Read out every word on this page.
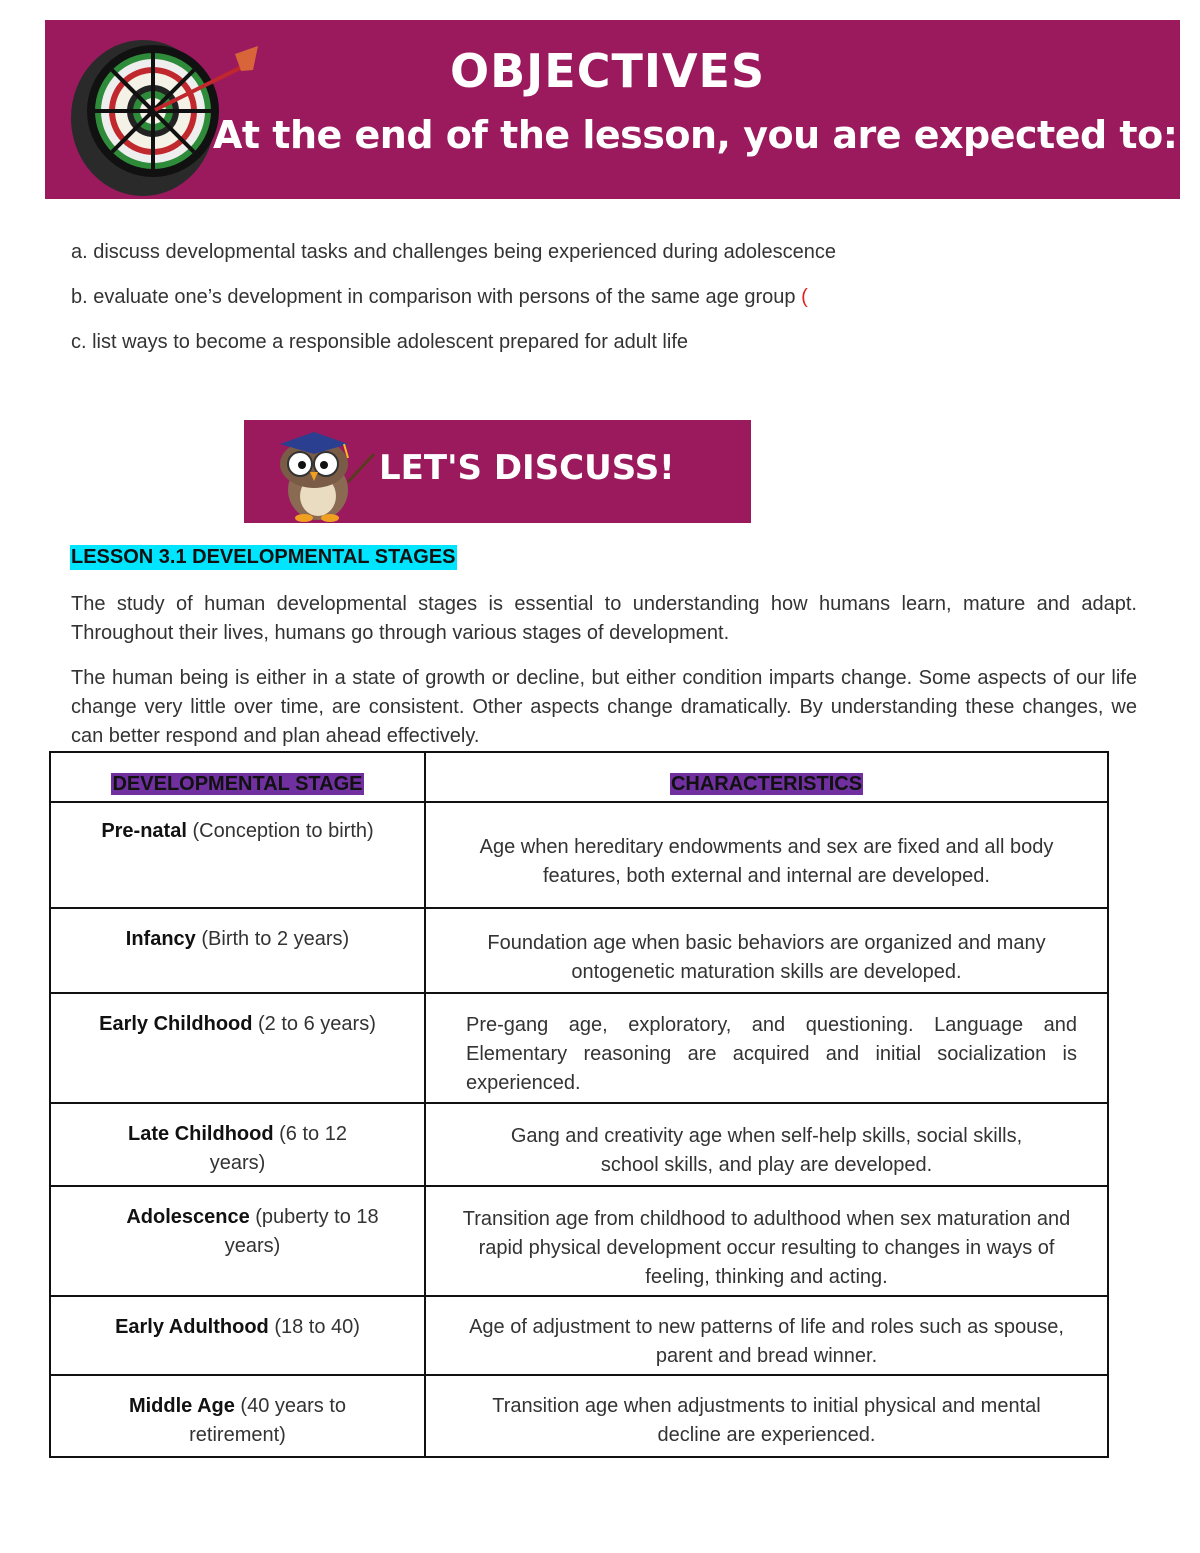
OBJECTIVES
At the end of the lesson, you are expected to:

a. discuss developmental tasks and challenges being experienced during adolescence

b. evaluate one’s development in comparison with persons of the same age group (

c. list ways to become a responsible adolescent prepared for adult life

LET'S DISCUSS!
LESSON 3.1 DEVELOPMENTAL STAGES

The study of human developmental stages is essential to understanding how humans learn, mature and adapt. Throughout their lives, humans go through various stages of development.

The human being is either in a state of growth or decline, but either condition imparts change. Some aspects of our life change very little over time, are consistent. Other aspects change dramatically. By understanding these changes, we can better respond and plan ahead effectively.

DEVELOPMENTAL STAGE	CHARACTERISTICS
Pre-natal (Conception to birth)	Age when hereditary endowments and sex are fixed and all body features, both external and internal are developed.
Infancy (Birth to 2 years)	Foundation age when basic behaviors are organized and many ontogenetic maturation skills are developed.
Early Childhood (2 to 6 years)	Pre-gang age, exploratory, and questioning. Language and Elementary reasoning are acquired and initial socialization is experienced.
Late Childhood (6 to 12 years)	Gang and creativity age when self-help skills, social skills, school skills, and play are developed.
Adolescence (puberty to 18 years)	Transition age from childhood to adulthood when sex maturation and rapid physical development occur resulting to changes in ways of feeling, thinking and acting.
Early Adulthood (18 to 40)	Age of adjustment to new patterns of life and roles such as spouse, parent and bread winner.
Middle Age (40 years to retirement)	Transition age when adjustments to initial physical and mental decline are experienced.
